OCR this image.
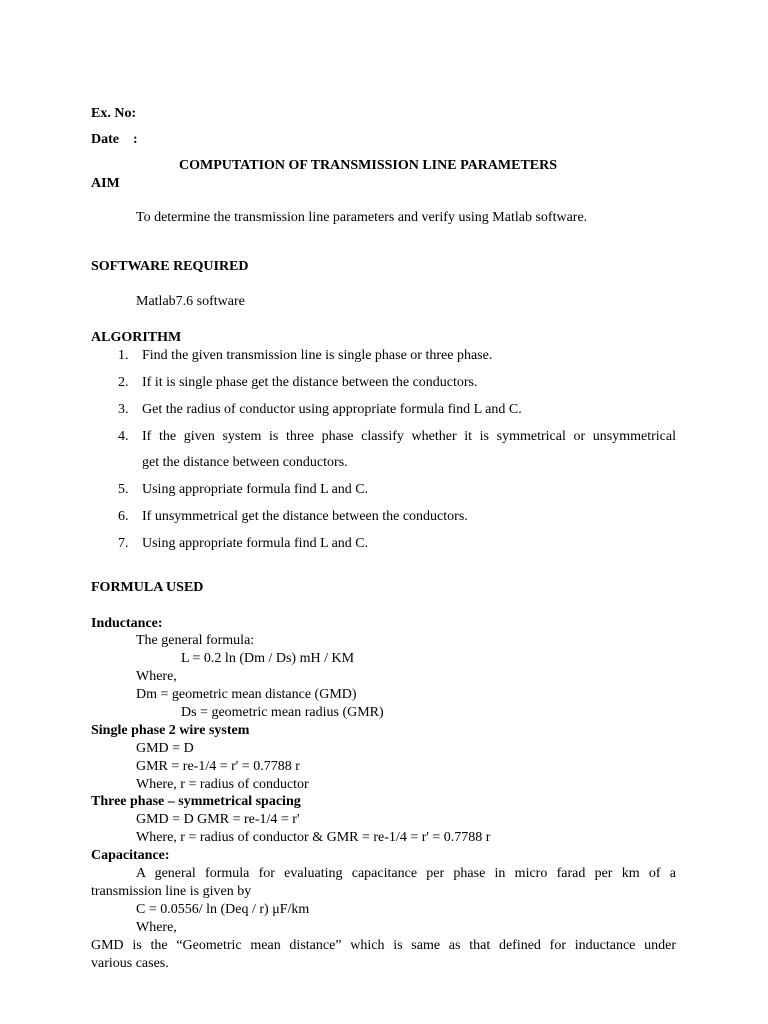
Ex. No:
Date    :
COMPUTATION OF TRANSMISSION LINE PARAMETERS
AIM
To determine the transmission line parameters and verify using Matlab software.
SOFTWARE REQUIRED
Matlab7.6 software
ALGORITHM
1. Find the given transmission line is single phase or three phase.
2. If it is single phase get the distance between the conductors.
3. Get the radius of conductor using appropriate formula find L and C.
4. If the given system is three phase classify whether it is symmetrical or unsymmetrical
get the distance between conductors.
5. Using appropriate formula find L and C.
6. If unsymmetrical get the distance between the conductors.
7. Using appropriate formula find L and C.
FORMULA USED
Inductance:
The general formula:
L = 0.2 ln (Dm / Ds) mH / KM
Where,
Dm = geometric mean distance (GMD)
Ds = geometric mean radius (GMR)
Single phase 2 wire system
GMD = D
GMR = re-1/4 = r' = 0.7788 r
Where, r = radius of conductor
Three phase – symmetrical spacing
GMD = D GMR = re-1/4 = r'
Where, r = radius of conductor & GMR = re-1/4 = r' = 0.7788 r
Capacitance:
A general formula for evaluating capacitance per phase in micro farad per km of a
transmission line is given by
C = 0.0556/ ln (Deq / r) μF/km
Where,
GMD is the “Geometric mean distance” which is same as that defined for inductance under
various cases.
